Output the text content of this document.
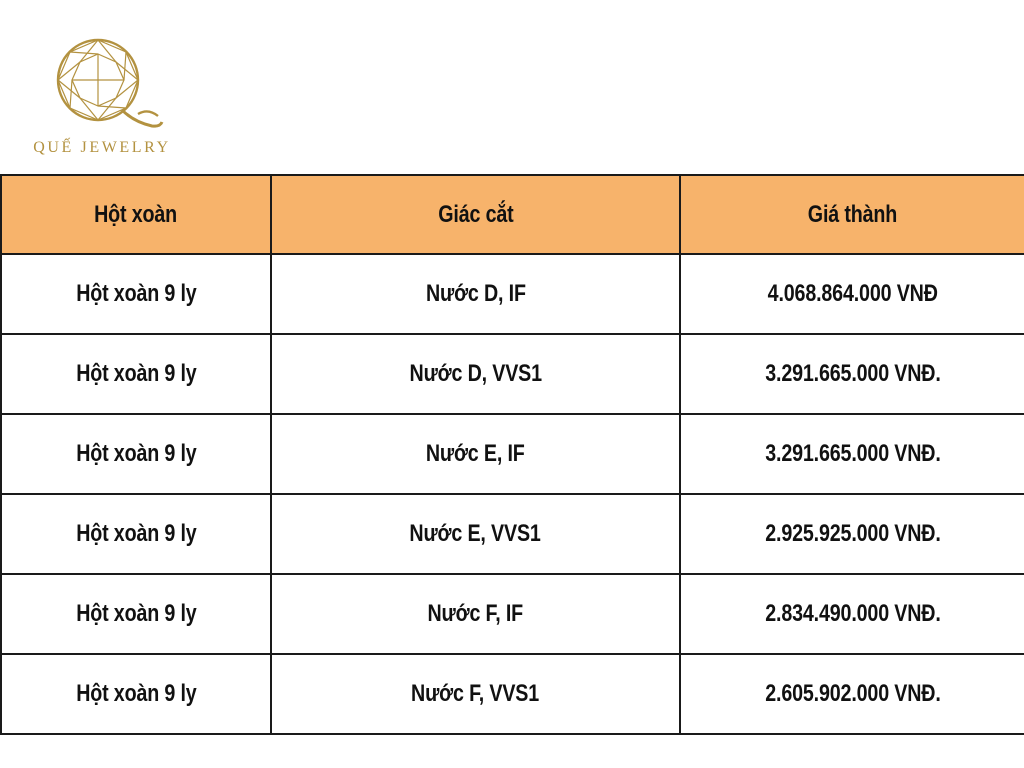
QUẾ JEWELRY
Hột xoàn	Giác cắt	Giá thành
Hột xoàn 9 ly	Nước D, IF	4.068.864.000 VNĐ
Hột xoàn 9 ly	Nước D, VVS1	3.291.665.000 VNĐ.
Hột xoàn 9 ly	Nước E, IF	3.291.665.000 VNĐ.
Hột xoàn 9 ly	Nước E, VVS1	2.925.925.000 VNĐ.
Hột xoàn 9 ly	Nước F, IF	2.834.490.000 VNĐ.
Hột xoàn 9 ly	Nước F, VVS1	2.605.902.000 VNĐ.
